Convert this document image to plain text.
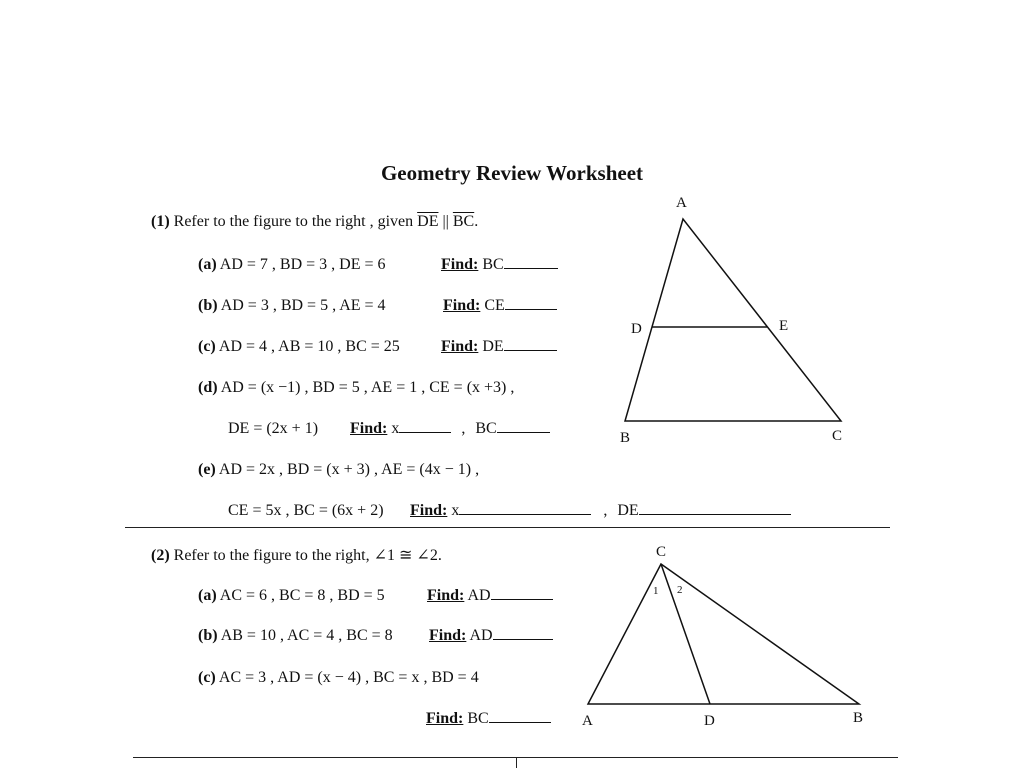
Geometry Review Worksheet
(1) Refer to the figure to the right , given $\overline{DE}$ || $\overline{BC}$.
(a) AD = 7 , BD = 3 , DE = 6	Find: BC
(b) AD = 3 , BD = 5 , AE = 4	Find: CE
(c) AD = 4 , AB = 10 , BC = 25	Find: DE
(d) AD = (x −1) , BD = 5 , AE = 1 , CE = (x +3) ,
DE = (2x + 1) Find: x	, BC
(e) AD = 2x , BD = (x + 3) , AE = (4x − 1) ,
CE = 5x , BC = (6x + 2) Find: x	, DE
A
D	E
B	C
(2) Refer to the figure to the right, ∠1 ≅ ∠2.
(a) AC = 6 , BC = 8 , BD = 5	Find: AD
(b) AB = 10 , AC = 4 , BC = 8 Find: AD
(c) AC = 3 , AD = (x − 4) , BC = x , BD = 4
Find: BC
C
1 2
A	D	B
